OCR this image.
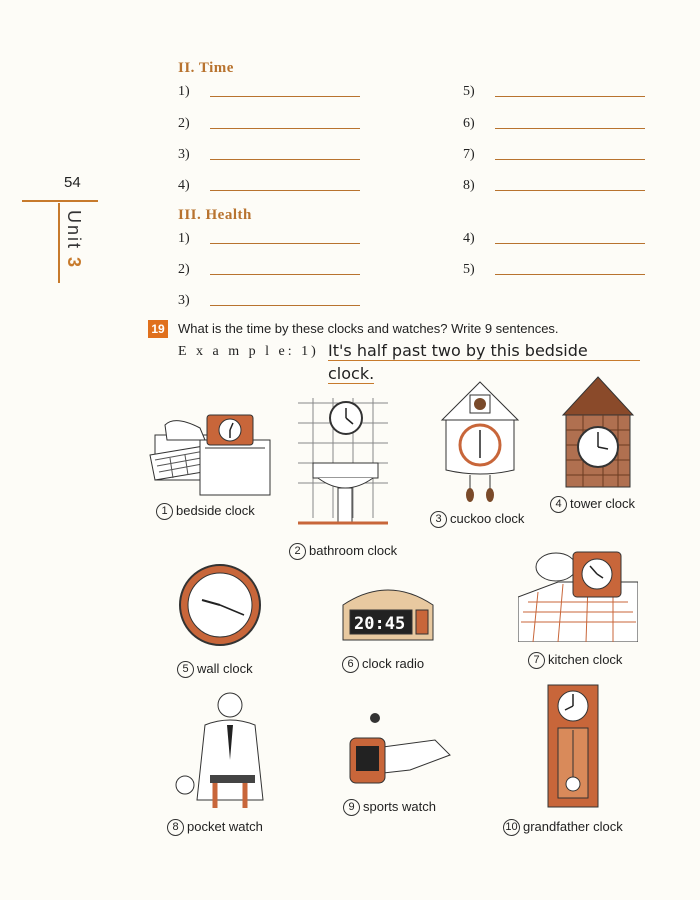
54
Unit 3
II. Time
1)
2)
3)
4)
5)
6)
7)
8)
III. Health
1)
2)
3)
4)
5)
19 What is the time by these clocks and watches? Write 9 sentences.
E x a m p l e: 1) It's half past two by this bedside
clock.
1 bedside clock
2 bathroom clock
3 cuckoo clock
4 tower clock
5 wall clock
20:45
6 clock radio	7 kitchen clock
8 pocket watch
9 sports watch
10 grandfather clock
